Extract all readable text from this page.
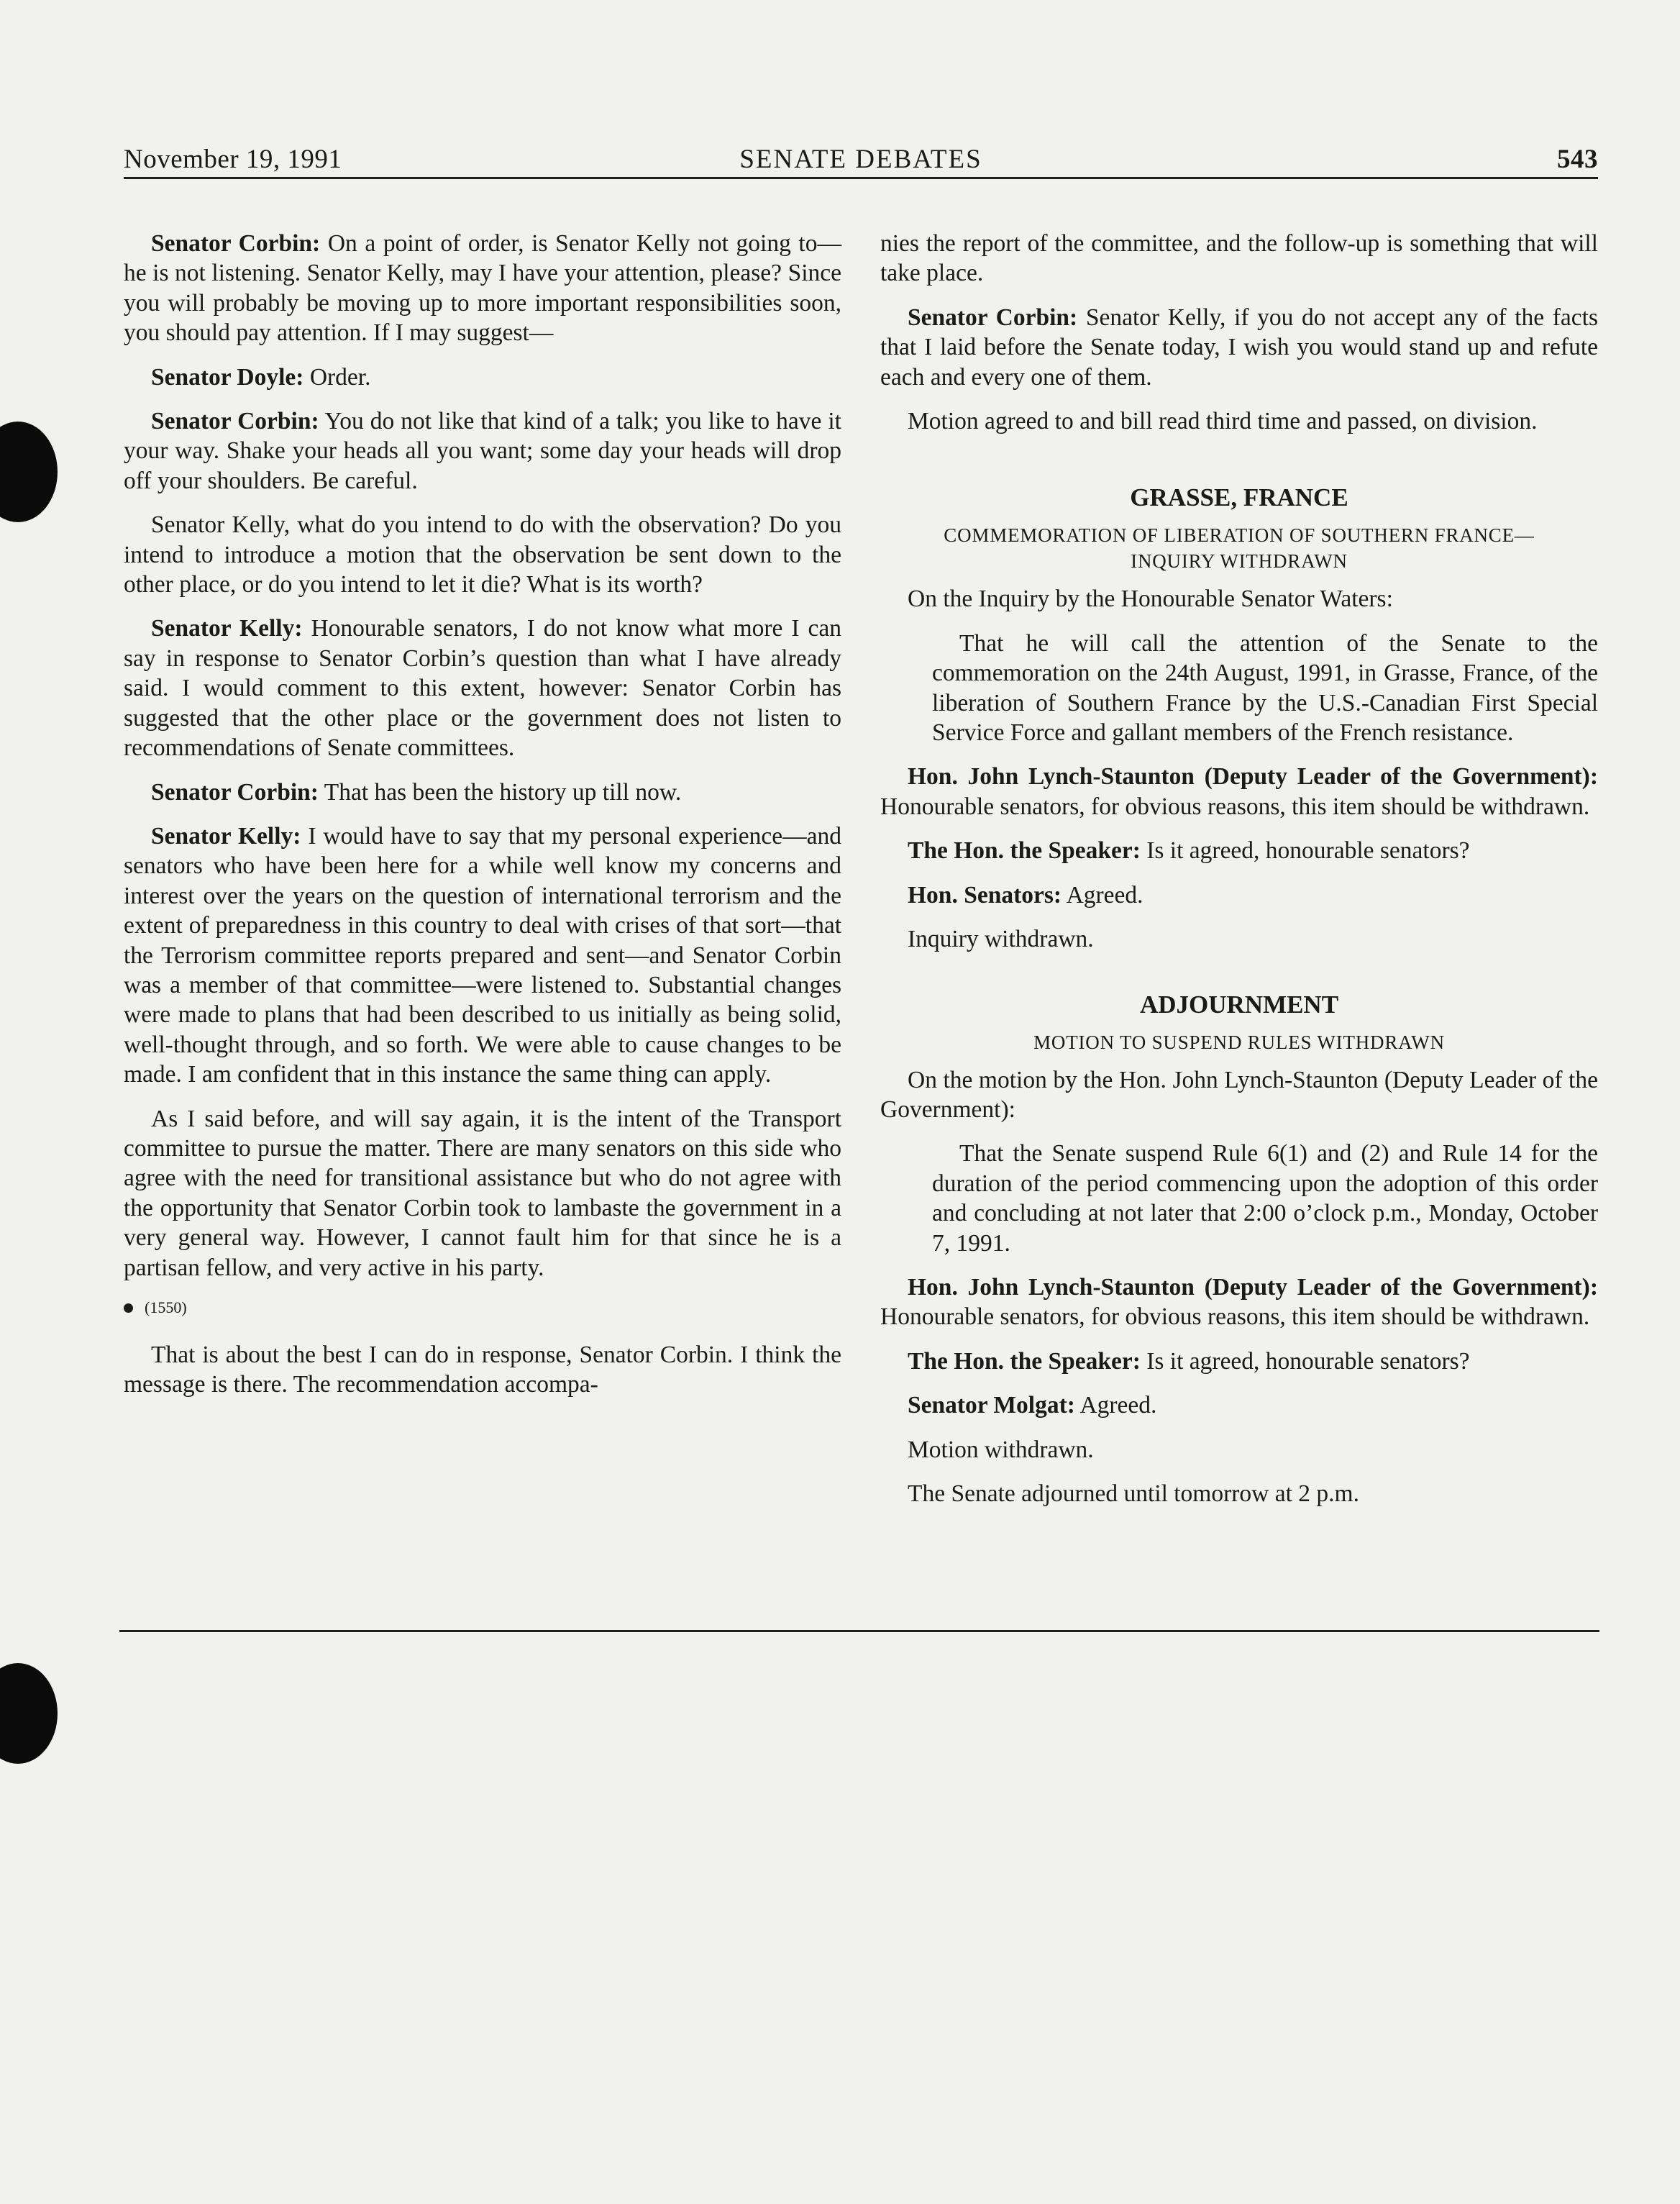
November 19, 1991	SENATE DEBATES	543

Senator Corbin: On a point of order, is Senator Kelly not going to—he is not listening. Senator Kelly, may I have your attention, please? Since you will probably be moving up to more important responsibilities soon, you should pay attention. If I may suggest—

Senator Doyle: Order.

Senator Corbin: You do not like that kind of a talk; you like to have it your way. Shake your heads all you want; some day your heads will drop off your shoulders. Be careful.

Senator Kelly, what do you intend to do with the observation? Do you intend to introduce a motion that the observation be sent down to the other place, or do you intend to let it die? What is its worth?

Senator Kelly: Honourable senators, I do not know what more I can say in response to Senator Corbin’s question than what I have already said. I would comment to this extent, however: Senator Corbin has suggested that the other place or the government does not listen to recommendations of Senate committees.

Senator Corbin: That has been the history up till now.

Senator Kelly: I would have to say that my personal experience—and senators who have been here for a while well know my concerns and interest over the years on the question of international terrorism and the extent of preparedness in this country to deal with crises of that sort—that the Terrorism committee reports prepared and sent—and Senator Corbin was a member of that committee—were listened to. Substantial changes were made to plans that had been described to us initially as being solid, well-thought through, and so forth. We were able to cause changes to be made. I am confident that in this instance the same thing can apply.

As I said before, and will say again, it is the intent of the Transport committee to pursue the matter. There are many senators on this side who agree with the need for transitional assistance but who do not agree with the opportunity that Senator Corbin took to lambaste the government in a very general way. However, I cannot fault him for that since he is a partisan fellow, and very active in his party.

(1550)

That is about the best I can do in response, Senator Corbin. I think the message is there. The recommendation accompa-

nies the report of the committee, and the follow-up is something that will take place.

Senator Corbin: Senator Kelly, if you do not accept any of the facts that I laid before the Senate today, I wish you would stand up and refute each and every one of them.

Motion agreed to and bill read third time and passed, on division.

GRASSE, FRANCE
COMMEMORATION OF LIBERATION OF SOUTHERN FRANCE—
INQUIRY WITHDRAWN

On the Inquiry by the Honourable Senator Waters:

That he will call the attention of the Senate to the commemoration on the 24th August, 1991, in Grasse, France, of the liberation of Southern France by the U.S.-Canadian First Special Service Force and gallant members of the French resistance.

Hon. John Lynch-Staunton (Deputy Leader of the Government): Honourable senators, for obvious reasons, this item should be withdrawn.

The Hon. the Speaker: Is it agreed, honourable senators?

Hon. Senators: Agreed.

Inquiry withdrawn.

ADJOURNMENT
MOTION TO SUSPEND RULES WITHDRAWN

On the motion by the Hon. John Lynch-Staunton (Deputy Leader of the Government):

That the Senate suspend Rule 6(1) and (2) and Rule 14 for the duration of the period commencing upon the adoption of this order and concluding at not later that 2:00 o’clock p.m., Monday, October 7, 1991.

Hon. John Lynch-Staunton (Deputy Leader of the Government): Honourable senators, for obvious reasons, this item should be withdrawn.

The Hon. the Speaker: Is it agreed, honourable senators?

Senator Molgat: Agreed.

Motion withdrawn.

The Senate adjourned until tomorrow at 2 p.m.
